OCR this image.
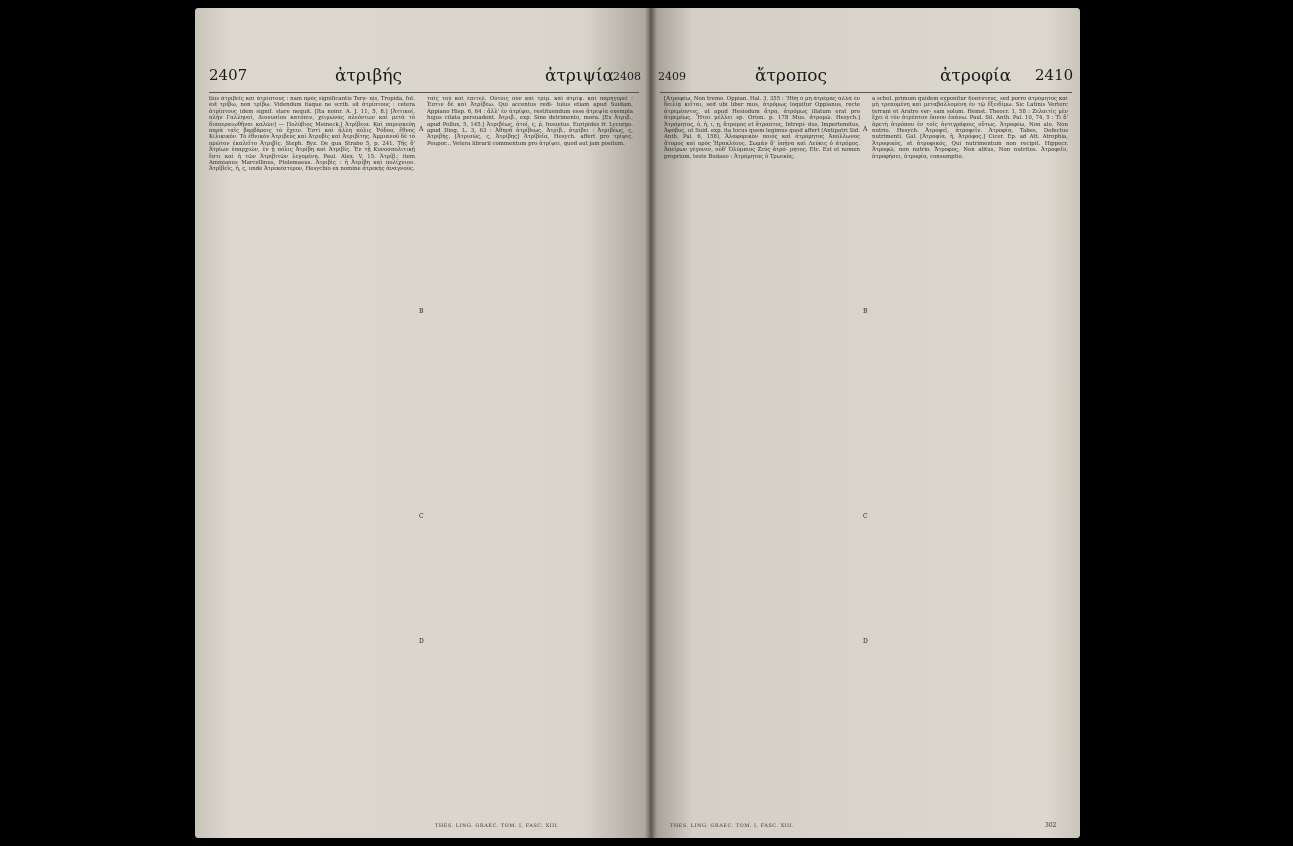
2407	ἀτριβής	ἀτριψία
2408

tius ἀτριβεῖς καὶ ἀτρίπτους : nam πρὸς significantis Tere- nis, Tropida, fut. est τρίβω, non τρίβω. Videndum itaque ne scrib. sit ἀτρίπτους : cetera ἀτρίπτους idem signif. stare nequit. [Ita noinr. A. J. 11, 5, 8.] [Ἀττικοί, πλήν Γαλληνοί, Διονυσίου κατόπιν, χειμώνας πλεόντων καὶ μετὰ τὸ διαπεραιωθῆναι καλῶν] — Πολύβιος Meineck.] Ἀτρίβεια. Καὶ παρεσκεύῃ παρὰ ταῖς βαρβάροις τὸ ἔχειν. Ἐστὶ καὶ ἄλλη πόλις Ῥόδου, ἔθνος Κιλικικόν. Τὸ ἐθνικὸν Ἀτριβεὺς καὶ Ἀτρυβὶς καὶ Ἀτριβίτης. Ἀμμιανοῦ δὲ τὸ πρῶτον ἐκαλεῖτο Ἀτριβίς. Steph. Byz. De qua Strabo 5, p. 241. Τῆς δ' Ἀτρίων ἐπαρχιῶν, ἐν ᾗ πόλις Ἀτρίβη καὶ Ἀτριβίς. Ἐν τῇ Κυνοσπολιτικῇ ἔστι καὶ ἡ τῶν Ἀτριβιτῶν λεγομένη. Paul. Alex. V, 15. Ἀτρίβ.: item Ammianus Marcellinus, Ptolemaeus. Ἀτριβὶς : ἡ Ἀτρίβη καὶ πολίχνιον. Ἀτρῖβεῖς, ἡ, ς, unde Ἀτρεκέστερον, Hesychio ex nomine ἀτρεκὴς ἀναγνοὺς.

ταῖς τοῦ καὶ ἐπιτελ. Οὗτοις οὖν καὶ τρίμ. καὶ ἀτρὶψ. καὶ παρηγορεῖ : Ἐστιν δὲ καὶ Ἀτρίβεω. Qui accentus redi- tulus etiam apud Suidam, Appiano Hisp. 6, 64 : ἄλλ' ἐν ἀτρίψει, restituendum esse ἀτριψία exempla hujus citata persuadent. Ἀτριβ., exp. Sine detrimento, mora. [Ex Ἀτριβ., apud Pollux, 5, 145.] Ἀτριβέως, ἀτοί, ς, ῥ, Insuetus. Euripides fr. Lycurgo. apud Diog. L. 3, 63 : Ἀθηνᾶ ἀτρίβεως. Ἀτρίβ., ἀτρίβει : Ἀτριβέως, ς, Ἀτριβής. [Ἀτρισῶς, ς, Ἀτρίβης] Ἀτρίβεῖα, Hesych. affert pro τρίψις. Poupor... Vetera librarii commentum pro ἀτρίψει, quod aut jam positum.

A
B
C
D
THES. LING. GRAEC. TOM. I, FASC. XIII.
2409	ἄτροπος	ἀτροφία 2410

[Ἀτροφέω, Non tremo. Oppian. Hal. 3, 355 : Ἤδη ὁ μὴ ἀτρέμας ἀλλὰ ἐν δειλίᾳ κεῖται, sed ubi liber mus, ἀτρόμως loquitur Oppianus, recte ἀτρεμέοντες, ut apud Hesiodum ἄτρα, ἀτρόμως illatum erat pro ἀτρεμέως. Ἤτοι μέλλει sp. Orion. p. 178 Mus. ἀτρομῶ. Hesych.] Ἀτρόμητος, ὁ, ἡ, ι, ῃ, ἄτρομος et ἄτραπτος, Intrepi- dus, Impertemitus, Ἀφόβος, ut Suid. exp. ita Iocus quem legimus quod affert (Antipatri Sid. Anth. Pal. 6, 158), Ἀλαφορικὸν ποιός καὶ ἀτρόμητος Ἀπόλλωνος ἄτομος καὶ πρὸς Ἡρακλέους. Σωμάν δ' ὑπήνα καὶ Λεύκις ὁ ἀτρόμος. Ἀπείρων γέγονεν, οὐδ' Ὀλύμπιος Ζεὺς ἀτρό- μητος. Etc. Est et nomen proprium, teste Budaeo : Ἀτρόμητος ὁ Τρωικὸς.

a schol. primum quidem exponitur δυσέντευς, sed porro ἀτρόμητος καὶ μὴ τρεπομένη καὶ μεταβαλλομένη ἐν τῷ ἔξειδίμω. Sic Latinis Verterc terram et Aratro ver- sam solum. Hemst. Theocr. 1, 58 : Ζελαιτὶς μὲν ἔχει ὁ τὸν ἀτρέπτον ὕπνον ἐπάνω. Paul. Sil. Anth. Pal. 10, 74, 5 : Τὶ δ' ἀρετὴ ἀτρόπου ἐν τοῖς ἀντιγράφοις οὕτως. Ἀτροφέω, Non alo, Non nutrio. Hesych. Ἀτροφεῖ, ἀτροφεῖν. Ἀτροφία, Tabes, Defectus nutrimenti. Gal. [Ἀτροφία, ἡ, Ἀτρόφος.] Cicer. Ep. ad Att. Atrophia, Ἀτροφικὸς, et ἀτροφικός, Qui nutrimentum non recipit. Hippocr. Ἀτροφῶ, non nutrio. Ἄτροφος, Non alitus, Non nutritus. Ἀτροφεῖν, ἀτροφήσει, ἀτροφία, consumptio.

A
B
C
D
THES. LING. GRAEC. TOM. I, FASC. XIII.	302
